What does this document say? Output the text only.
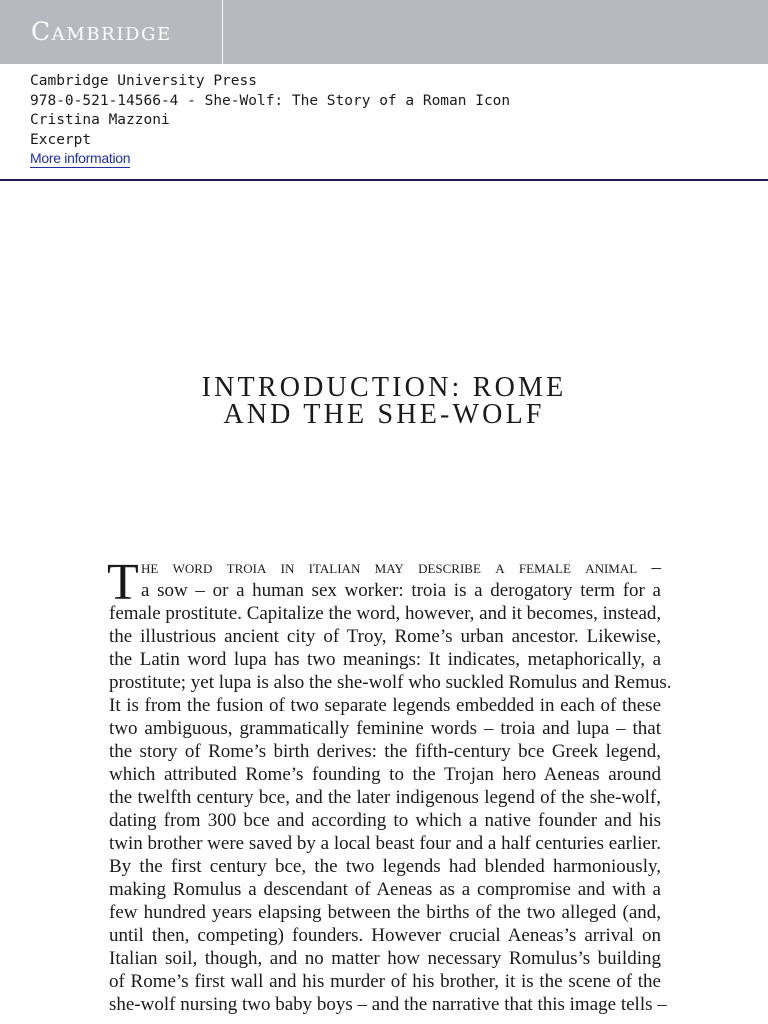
Cambridge
Cambridge University Press
978-0-521-14566-4 - She-Wolf: The Story of a Roman Icon
Cristina Mazzoni
Excerpt
More information
INTRODUCTION: ROME
AND THE SHE-WOLF
T he word troia in italian may describe a female animal –
a sow – or a human sex worker: troia is a derogatory term for a
female prostitute. Capitalize the word, however, and it becomes, instead,
the illustrious ancient city of Troy, Rome’s urban ancestor. Likewise,
the Latin word lupa has two meanings: It indicates, metaphorically, a
prostitute; yet lupa is also the she-wolf who suckled Romulus and Remus.
It is from the fusion of two separate legends embedded in each of these
two ambiguous, grammatically feminine words – troia and lupa – that
the story of Rome’s birth derives: the fifth-century bce Greek legend,
which attributed Rome’s founding to the Trojan hero Aeneas around
the twelfth century bce, and the later indigenous legend of the she-wolf,
dating from 300 bce and according to which a native founder and his
twin brother were saved by a local beast four and a half centuries earlier.
By the first century bce, the two legends had blended harmoniously,
making Romulus a descendant of Aeneas as a compromise and with a
few hundred years elapsing between the births of the two alleged (and,
until then, competing) founders. However crucial Aeneas’s arrival on
Italian soil, though, and no matter how necessary Romulus’s building
of Rome’s first wall and his murder of his brother, it is the scene of the
she-wolf nursing two baby boys – and the narrative that this image tells –
